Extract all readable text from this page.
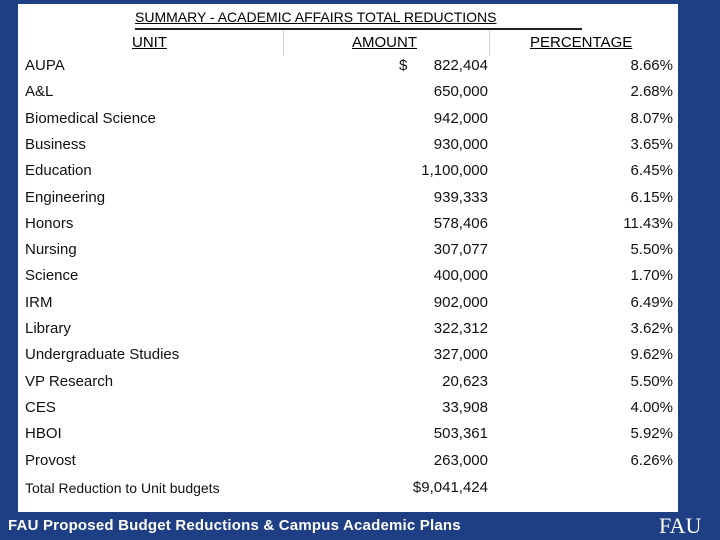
SUMMARY - ACADEMIC AFFAIRS TOTAL REDUCTIONS
UNIT	AMOUNT	PERCENTAGE
AUPA	$ 822,404	8.66%
A&L	650,000	2.68%
Biomedical Science	942,000	8.07%
Business	930,000	3.65%
Education	1,100,000	6.45%
Engineering	939,333	6.15%
Honors	578,406	11.43%
Nursing	307,077	5.50%
Science	400,000	1.70%
IRM	902,000	6.49%
Library	322,312	3.62%
Undergraduate Studies	327,000	9.62%
VP Research	20,623	5.50%
CES	33,908	4.00%
HBOI	503,361	5.92%
Provost	263,000	6.26%
Total Reduction to Unit budgets	$9,041,424
FAU Proposed Budget Reductions & Campus Academic Plans	FAU
